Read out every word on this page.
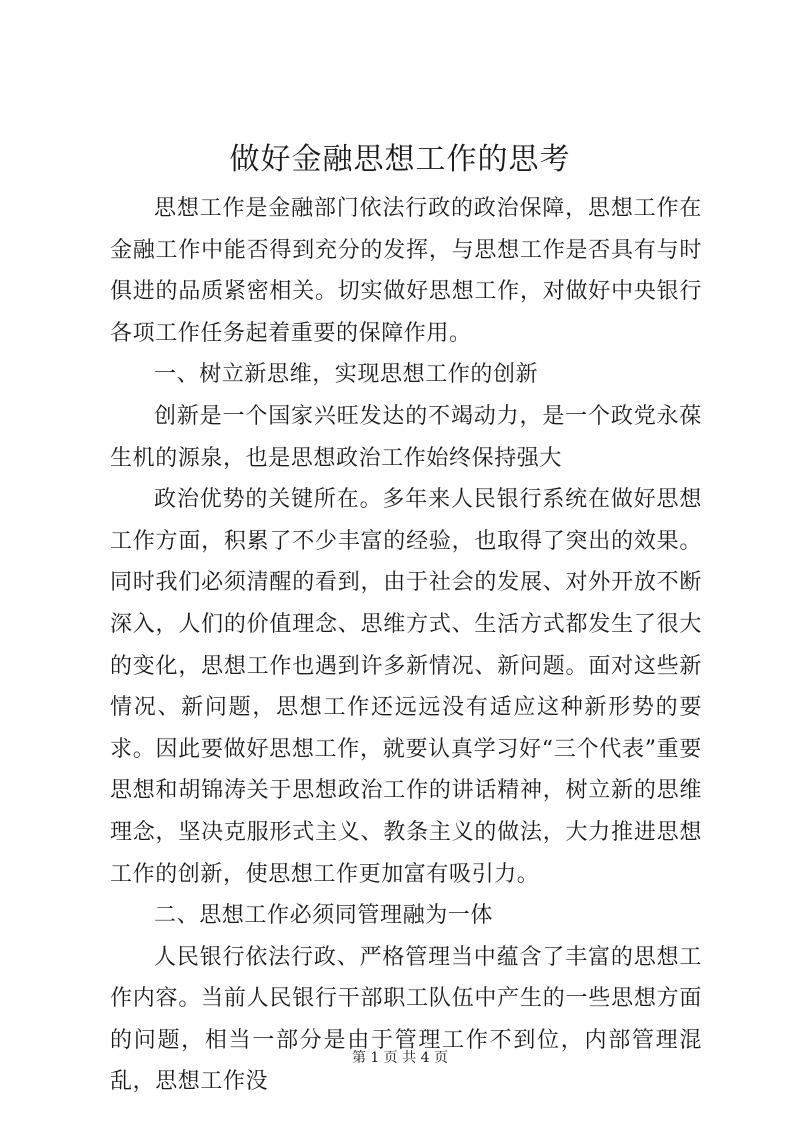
做好金融思想工作的思考

思想工作是金融部门依法行政的政治保障，思想工作在金融工作中能否得到充分的发挥，与思想工作是否具有与时俱进的品质紧密相关。切实做好思想工作，对做好中央银行各项工作任务起着重要的保障作用。

一、树立新思维，实现思想工作的创新

创新是一个国家兴旺发达的不竭动力，是一个政党永葆生机的源泉，也是思想政治工作始终保持强大

政治优势的关键所在。多年来人民银行系统在做好思想工作方面，积累了不少丰富的经验，也取得了突出的效果。同时我们必须清醒的看到，由于社会的发展、对外开放不断深入，人们的价值理念、思维方式、生活方式都发生了很大的变化，思想工作也遇到许多新情况、新问题。面对这些新情况、新问题，思想工作还远远没有适应这种新形势的要求。因此要做好思想工作，就要认真学习好“三个代表”重要思想和胡锦涛关于思想政治工作的讲话精神，树立新的思维理念，坚决克服形式主义、教条主义的做法，大力推进思想工作的创新，使思想工作更加富有吸引力。

二、思想工作必须同管理融为一体

人民银行依法行政、严格管理当中蕴含了丰富的思想工作内容。当前人民银行干部职工队伍中产生的一些思想方面的问题，相当一部分是由于管理工作不到位，内部管理混乱，思想工作没

第 1 页 共 4 页
